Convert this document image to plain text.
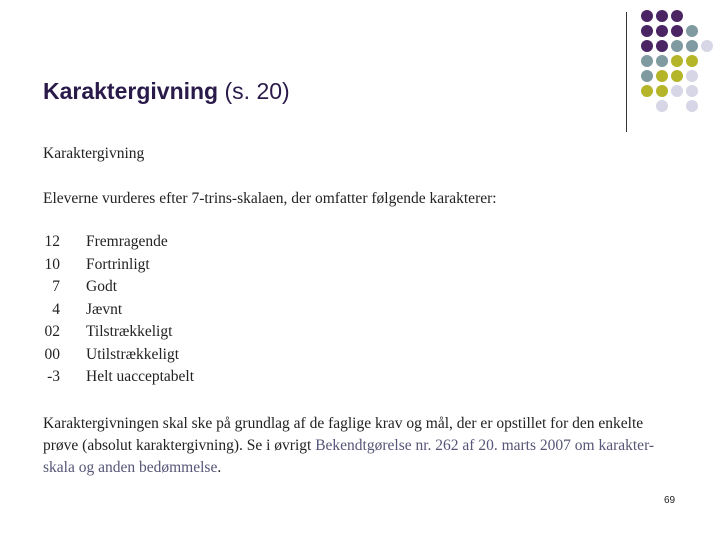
Karaktergivning (s. 20)
Karaktergivning
Eleverne vurderes efter 7-trins-skalaen, der omfatter følgende karakterer:
12 Fremragende
10 Fortrinligt
7 Godt
4 Jævnt
02 Tilstrækkeligt
00 Utilstrækkeligt
-3 Helt uacceptabelt
Karaktergivningen skal ske på grundlag af de faglige krav og mål, der er opstillet for den enkelte
prøve (absolut karaktergivning). Se i øvrigt Bekendtgørelse nr. 262 af 20. marts 2007 om karakter-
skala og anden bedømmelse.
69
